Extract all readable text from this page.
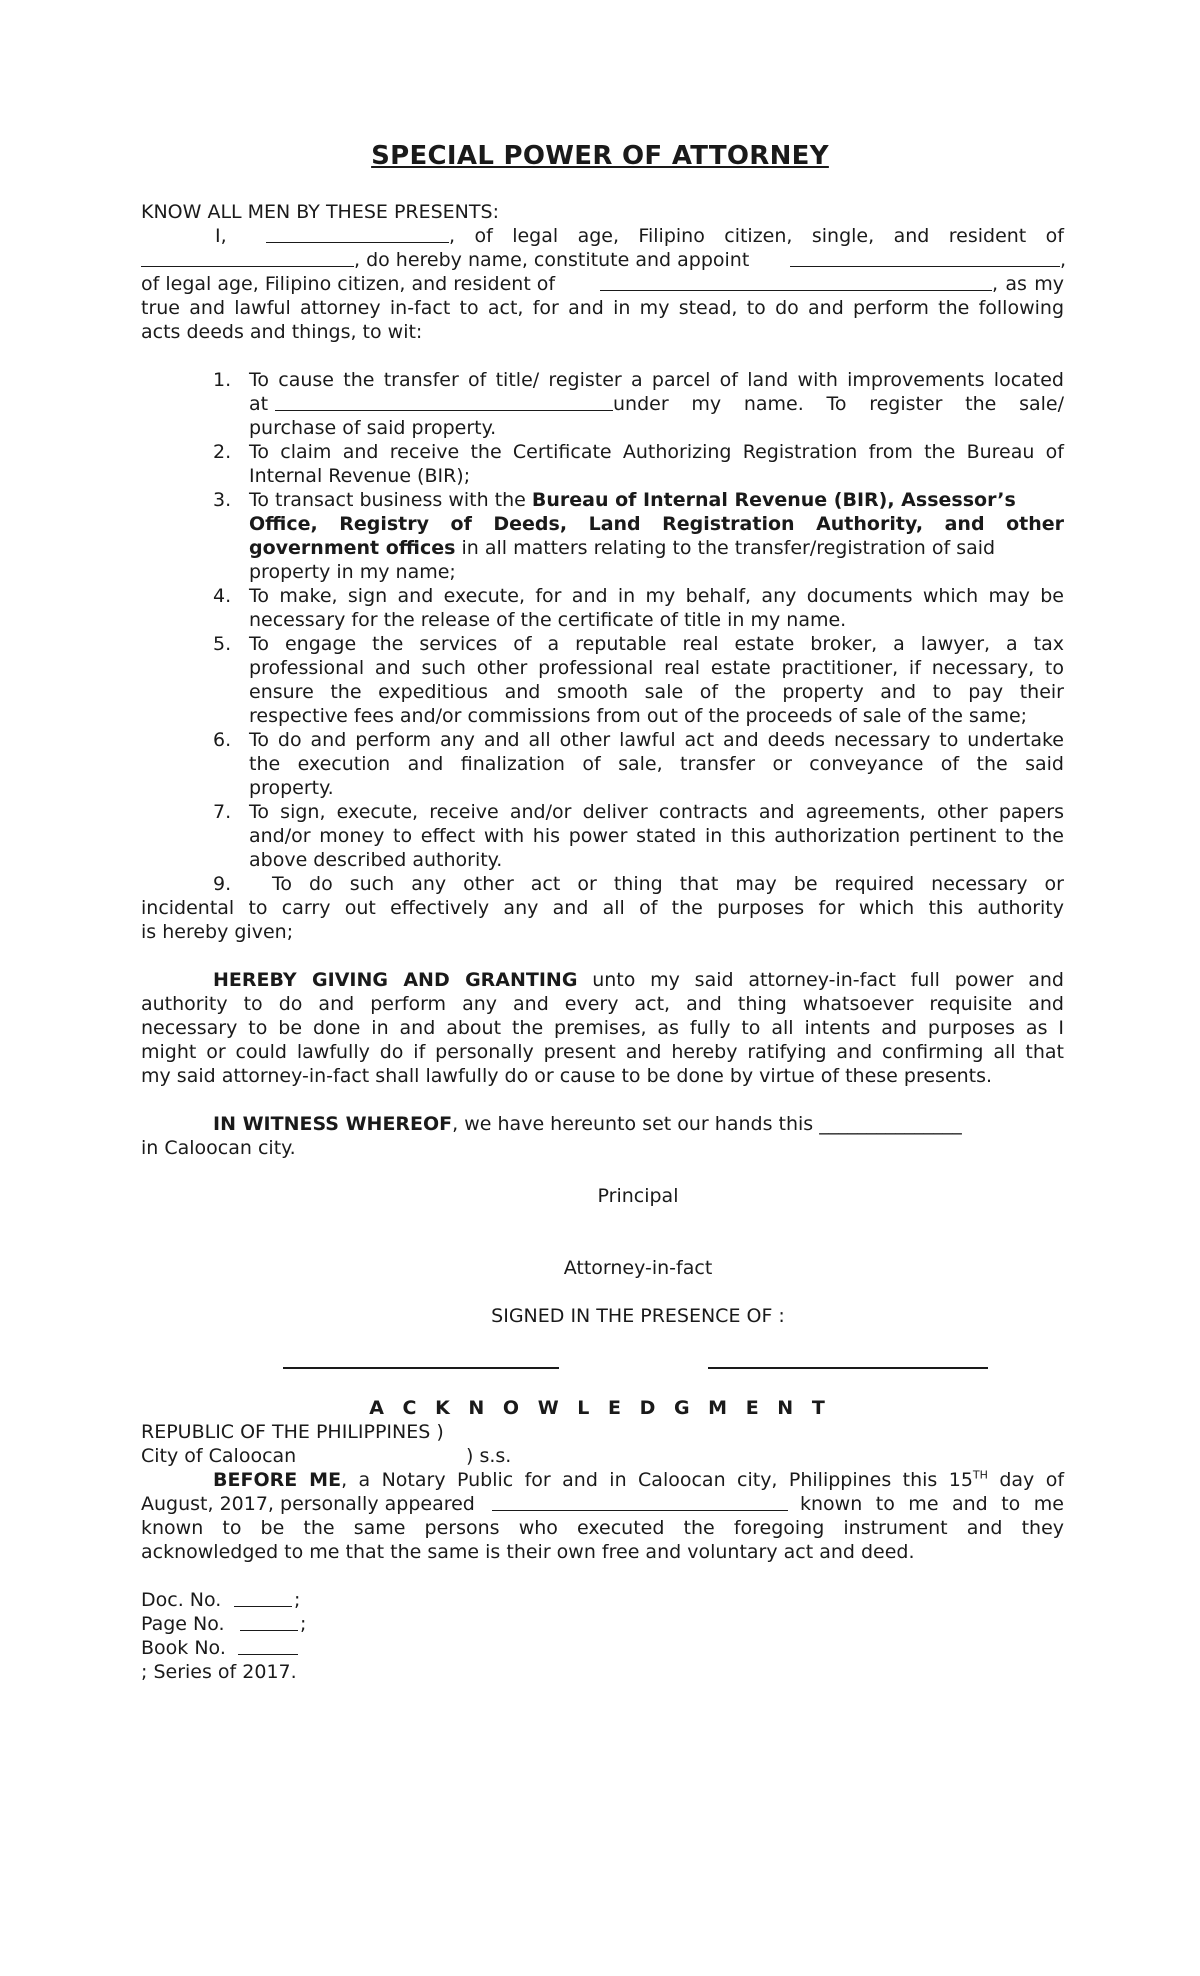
SPECIAL POWER OF ATTORNEY
KNOW ALL MEN BY THESE PRESENTS:
I,	, of legal age, Filipino citizen, single, and resident of
, do hereby name, constitute and appoint	,
of legal age, Filipino citizen, and resident of	, as my
true and lawful attorney in-fact to act, for and in my stead, to do and perform the following
acts deeds and things, to wit:
1. To cause the transfer of title/ register a parcel of land with improvements located
at	under my name. To register the sale/
purchase of said property.
2. To claim and receive the Certificate Authorizing Registration from the Bureau of
Internal Revenue (BIR);
3. To transact business with the Bureau of Internal Revenue (BIR), Assessor’s
Office, Registry of Deeds, Land Registration Authority, and other
government offices in all matters relating to the transfer/registration of said
property in my name;
4. To make, sign and execute, for and in my behalf, any documents which may be
necessary for the release of the certificate of title in my name.
5. To engage the services of a reputable real estate broker, a lawyer, a tax
professional and such other professional real estate practitioner, if necessary, to
ensure the expeditious and smooth sale of the property and to pay their
respective fees and/or commissions from out of the proceeds of sale of the same;
6. To do and perform any and all other lawful act and deeds necessary to undertake
the execution and finalization of sale, transfer or conveyance of the said
property.
7. To sign, execute, receive and/or deliver contracts and agreements, other papers
and/or money to effect with his power stated in this authorization pertinent to the
above described authority.
9. To do such any other act or thing that may be required necessary or
incidental to carry out effectively any and all of the purposes for which this authority
is hereby given;
HEREBY GIVING AND GRANTING unto my said attorney-in-fact full power and
authority to do and perform any and every act, and thing whatsoever requisite and
necessary to be done in and about the premises, as fully to all intents and purposes as I
might or could lawfully do if personally present and hereby ratifying and confirming all that
my said attorney-in-fact shall lawfully do or cause to be done by virtue of these presents.
IN WITNESS WHEREOF, we have hereunto set our hands this _______________
in Caloocan city.
Principal
Attorney-in-fact
SIGNED IN THE PRESENCE OF :
A C K N O W L E D G M E N T
REPUBLIC OF THE PHILIPPINES )
City of Caloocan	) s.s.
BEFORE ME, a Notary Public for and in Caloocan city, Philippines this 15TH day of
August, 2017, personally appeared	known to me and to me
known to be the same persons who executed the foregoing instrument and they
acknowledged to me that the same is their own free and voluntary act and deed.
Doc. No.	;
Page No.	;
Book No.
; Series of 2017.
